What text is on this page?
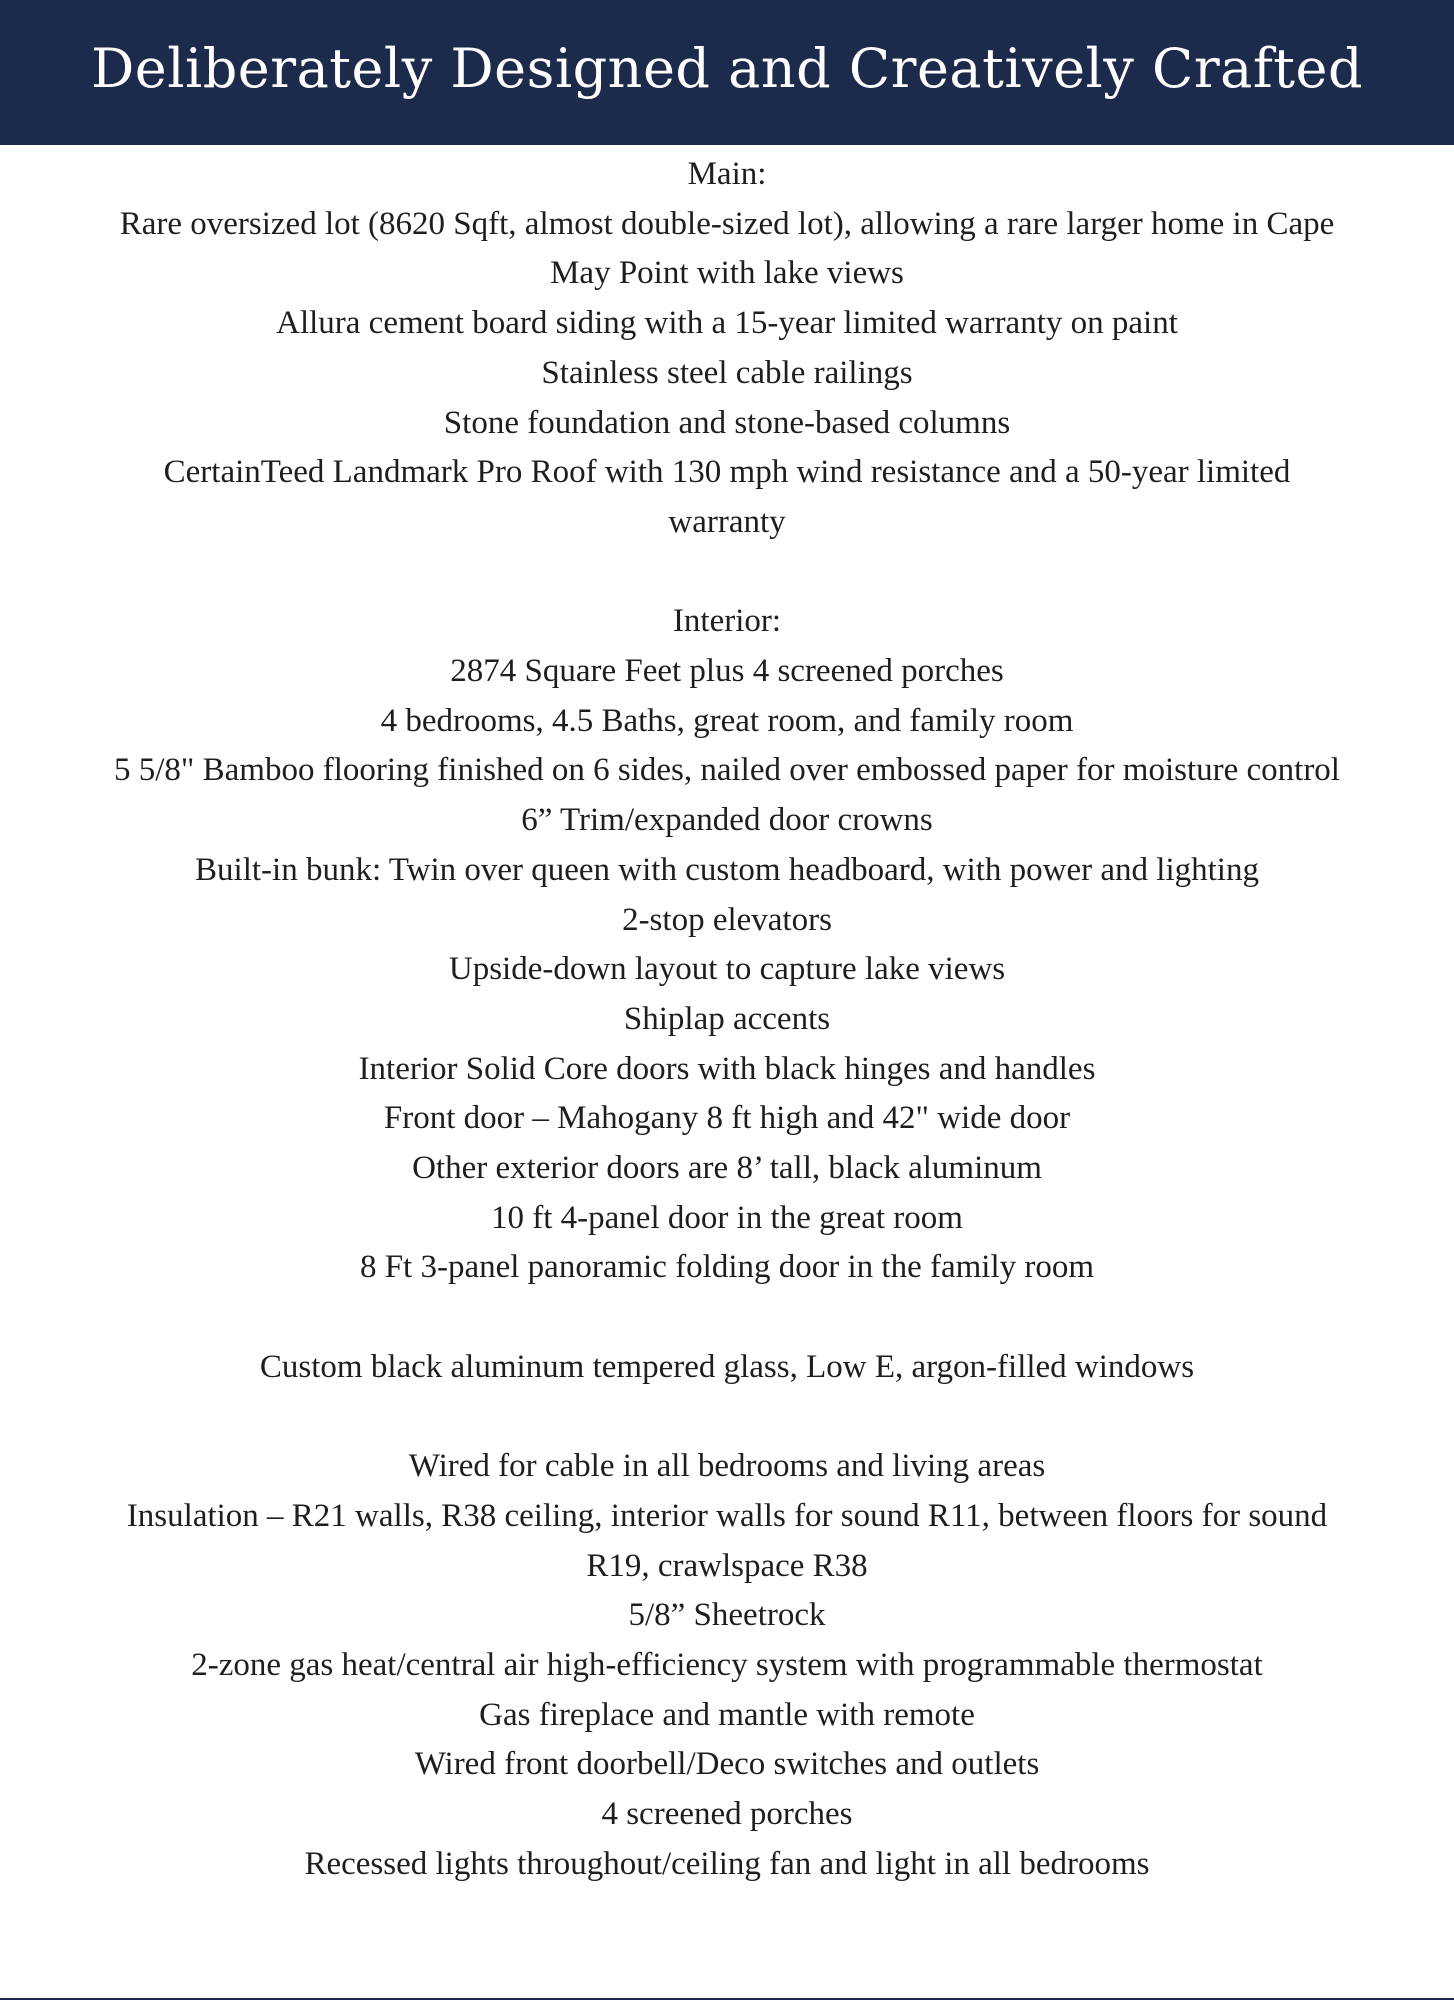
Deliberately Designed and Creatively Crafted
Main:
Rare oversized lot (8620 Sqft, almost double-sized lot), allowing a rare larger home in Cape
May Point with lake views
Allura cement board siding with a 15-year limited warranty on paint
Stainless steel cable railings
Stone foundation and stone-based columns
CertainTeed Landmark Pro Roof with 130 mph wind resistance and a 50-year limited
warranty
Interior:
2874 Square Feet plus 4 screened porches
4 bedrooms, 4.5 Baths, great room, and family room
5 5/8" Bamboo flooring finished on 6 sides, nailed over embossed paper for moisture control
6” Trim/expanded door crowns
Built-in bunk: Twin over queen with custom headboard, with power and lighting
2-stop elevators
Upside-down layout to capture lake views
Shiplap accents
Interior Solid Core doors with black hinges and handles
Front door – Mahogany 8 ft high and 42" wide door
Other exterior doors are 8’ tall, black aluminum
10 ft 4-panel door in the great room
8 Ft 3-panel panoramic folding door in the family room
Custom black aluminum tempered glass, Low E, argon-filled windows
Wired for cable in all bedrooms and living areas
Insulation – R21 walls, R38 ceiling, interior walls for sound R11, between floors for sound
R19, crawlspace R38
5/8” Sheetrock
2-zone gas heat/central air high-efficiency system with programmable thermostat
Gas fireplace and mantle with remote
Wired front doorbell/Deco switches and outlets
4 screened porches
Recessed lights throughout/ceiling fan and light in all bedrooms
